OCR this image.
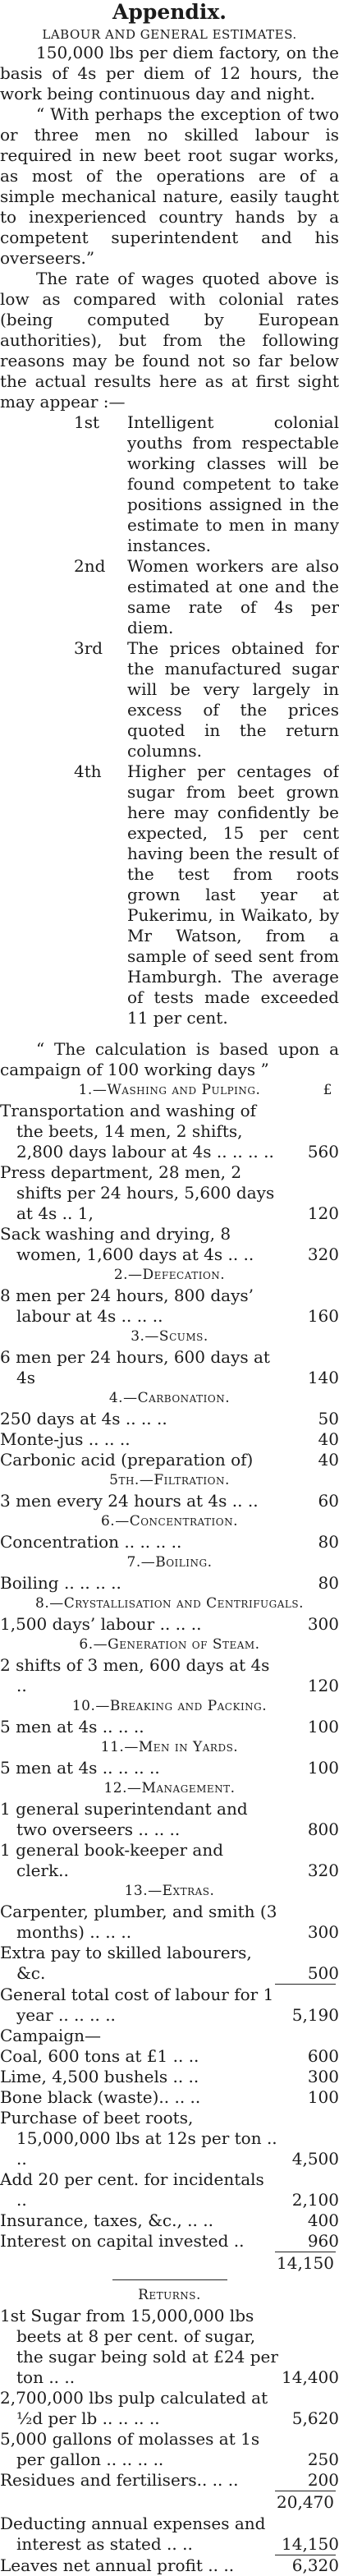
Appendix.
LABOUR AND GENERAL ESTIMATES.

150,000 lbs per diem factory, on the basis of 4s per diem of 12 hours, the work being continuous day and night.

“ With perhaps the exception of two or three men no skilled labour is required in new beet root sugar works, as most of the operations are of a simple mechanical nature, easily taught to inexperienced country hands by a competent superintendent and his overseers.”

The rate of wages quoted above is low as compared with colonial rates (being computed by European authorities), but from the following reasons may be found not so far below the actual results here as at first sight may appear :—

1st Intelligent colonial youths from respectable working classes will be found competent to take positions assigned in the estimate to men in many instances.
2nd Women workers are also estimated at one and the same rate of 4s per diem.
3rd The prices obtained for the manufactured sugar will be very largely in excess of the prices quoted in the return columns.
4th Higher per centages of sugar from beet grown here may confidently be expected, 15 per cent having been the result of the test from roots grown last year at Pukerimu, in Waikato, by Mr Watson, from a sample of seed sent from Hamburgh. The average of tests made exceeded 11 per cent.

“ The calculation is based upon a campaign of 100 working days ”

1.—Washing and Pulping.	£
Transportation and washing of the beets, 14 men, 2 shifts, 2,800 days labour at 4s .. .. .. ..	560
Press department, 28 men, 2 shifts per 24 hours, 5,600 days at 4s .. 1,	120
Sack washing and drying, 8 women, 1,600 days at 4s .. ..	320
2.—Defecation.
8 men per 24 hours, 800 days’ labour at 4s .. .. ..	160
3.—Scums.
6 men per 24 hours, 600 days at 4s	140
4.—Carbonation.
250 days at 4s .. .. ..	50
Monte-jus .. .. ..	40
Carbonic acid (preparation of)	40
5th.—Filtration.
3 men every 24 hours at 4s .. ..	60
6.—Concentration.
Concentration .. .. .. ..	80
7.—Boiling.
Boiling .. .. .. ..	80
8.—Crystallisation and Centrifugals.
1,500 days’ labour .. .. ..	300
6.—Generation of Steam.
2 shifts of 3 men, 600 days at 4s ..	120
10.—Breaking and Packing.
5 men at 4s .. .. ..	100
11.—Men in Yards.
5 men at 4s .. .. .. ..	100
12.—Management.
1 general superintendant and two overseers .. .. ..	800
1 general book-keeper and clerk..	320
13.—Extras.
Carpenter, plumber, and smith (3 months) .. .. ..	300
Extra pay to skilled labourers, &c.	500
General total cost of labour for 1 year .. .. .. ..	5,190
Campaign—
Coal, 600 tons at £1 .. ..	600
Lime, 4,500 bushels .. ..	300
Bone black (waste).. .. ..	100
Purchase of beet roots, 15,000,000 lbs at 12s per ton .. ..	4,500
Add 20 per cent. for incidentals ..	2,100
Insurance, taxes, &c., .. ..	400
Interest on capital invested ..	960
14,150
Returns.
1st Sugar from 15,000,000 lbs beets at 8 per cent. of sugar, the sugar being sold at £24 per ton .. ..	14,400
2,700,000 lbs pulp calculated at ½d per lb .. .. .. ..	5,620
5,000 gallons of molasses at 1s per gallon .. .. .. ..	250
Residues and fertilisers.. .. ..	200
20,470
Deducting annual expenses and interest as stated .. ..	14,150
Leaves net annual profit .. ..	6,320
